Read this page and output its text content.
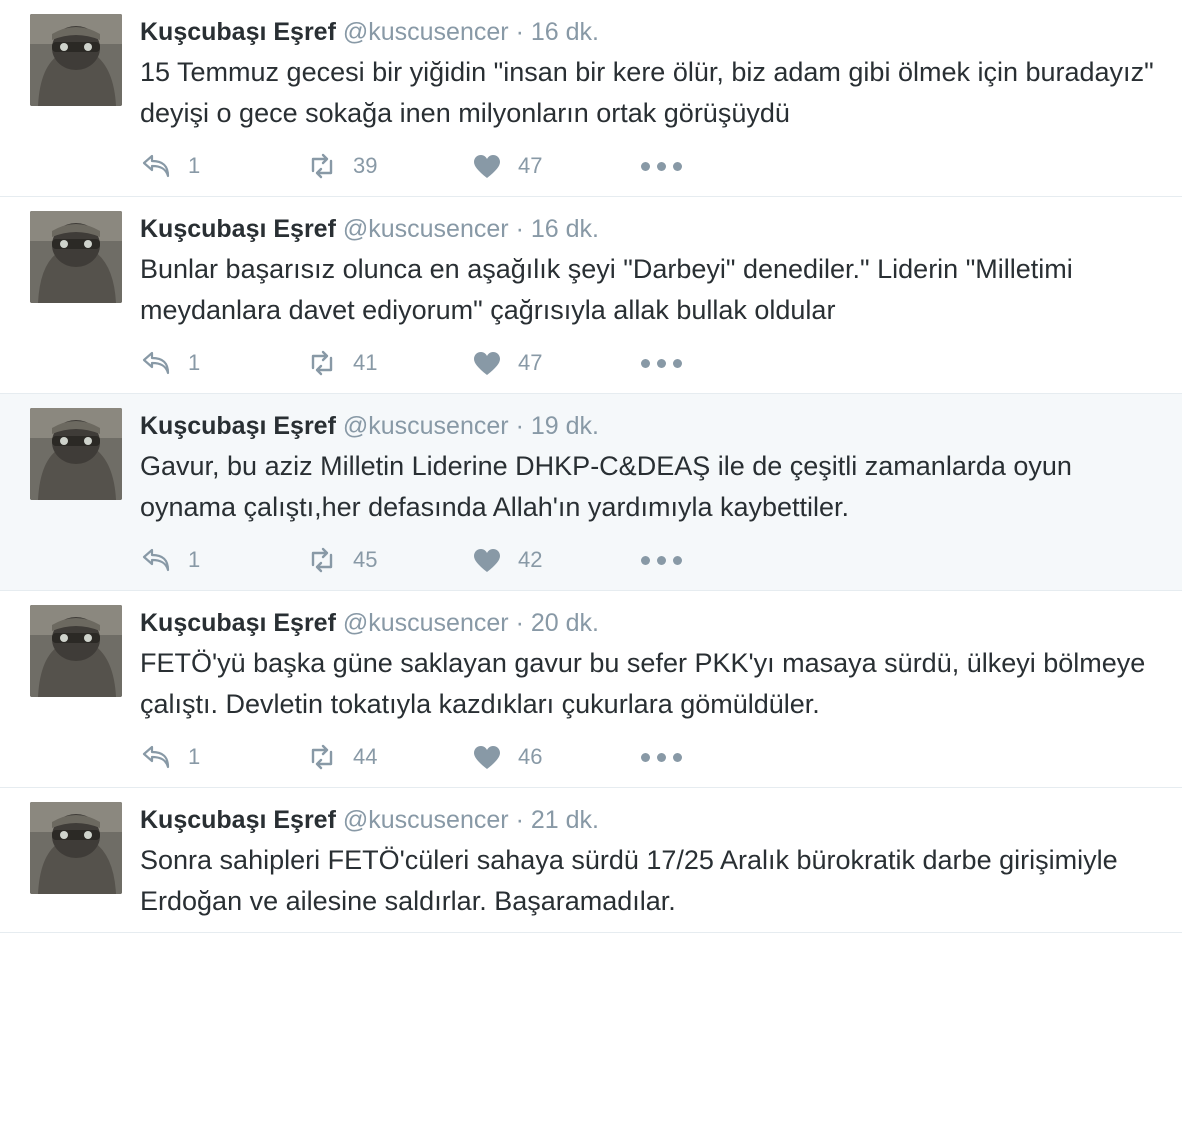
Kuşcubaşı Eşref @kuscusencer · 16 dk.
15 Temmuz gecesi bir yiğidin "insan bir kere ölür, biz adam gibi ölmek için buradayız" deyişi o gece sokağa inen milyonların ortak görüşüydü
1	39	47
Kuşcubaşı Eşref @kuscusencer · 16 dk.
Bunlar başarısız olunca en aşağılık şeyi "Darbeyi" denediler." Liderin "Milletimi meydanlara davet ediyorum" çağrısıyla allak bullak oldular
1	41	47
Kuşcubaşı Eşref @kuscusencer · 19 dk.
Gavur, bu aziz Milletin Liderine DHKP-C&DEAŞ ile de çeşitli zamanlarda oyun oynama çalıştı,her defasında Allah'ın yardımıyla kaybettiler.
1	45	42
Kuşcubaşı Eşref @kuscusencer · 20 dk.
FETÖ'yü başka güne saklayan gavur bu sefer PKK'yı masaya sürdü, ülkeyi bölmeye çalıştı. Devletin tokatıyla kazdıkları çukurlara gömüldüler.
1	44	46
Kuşcubaşı Eşref @kuscusencer · 21 dk.
Sonra sahipleri FETÖ'cüleri sahaya sürdü 17/25 Aralık bürokratik darbe girişimiyle Erdoğan ve ailesine saldırlar. Başaramadılar.
